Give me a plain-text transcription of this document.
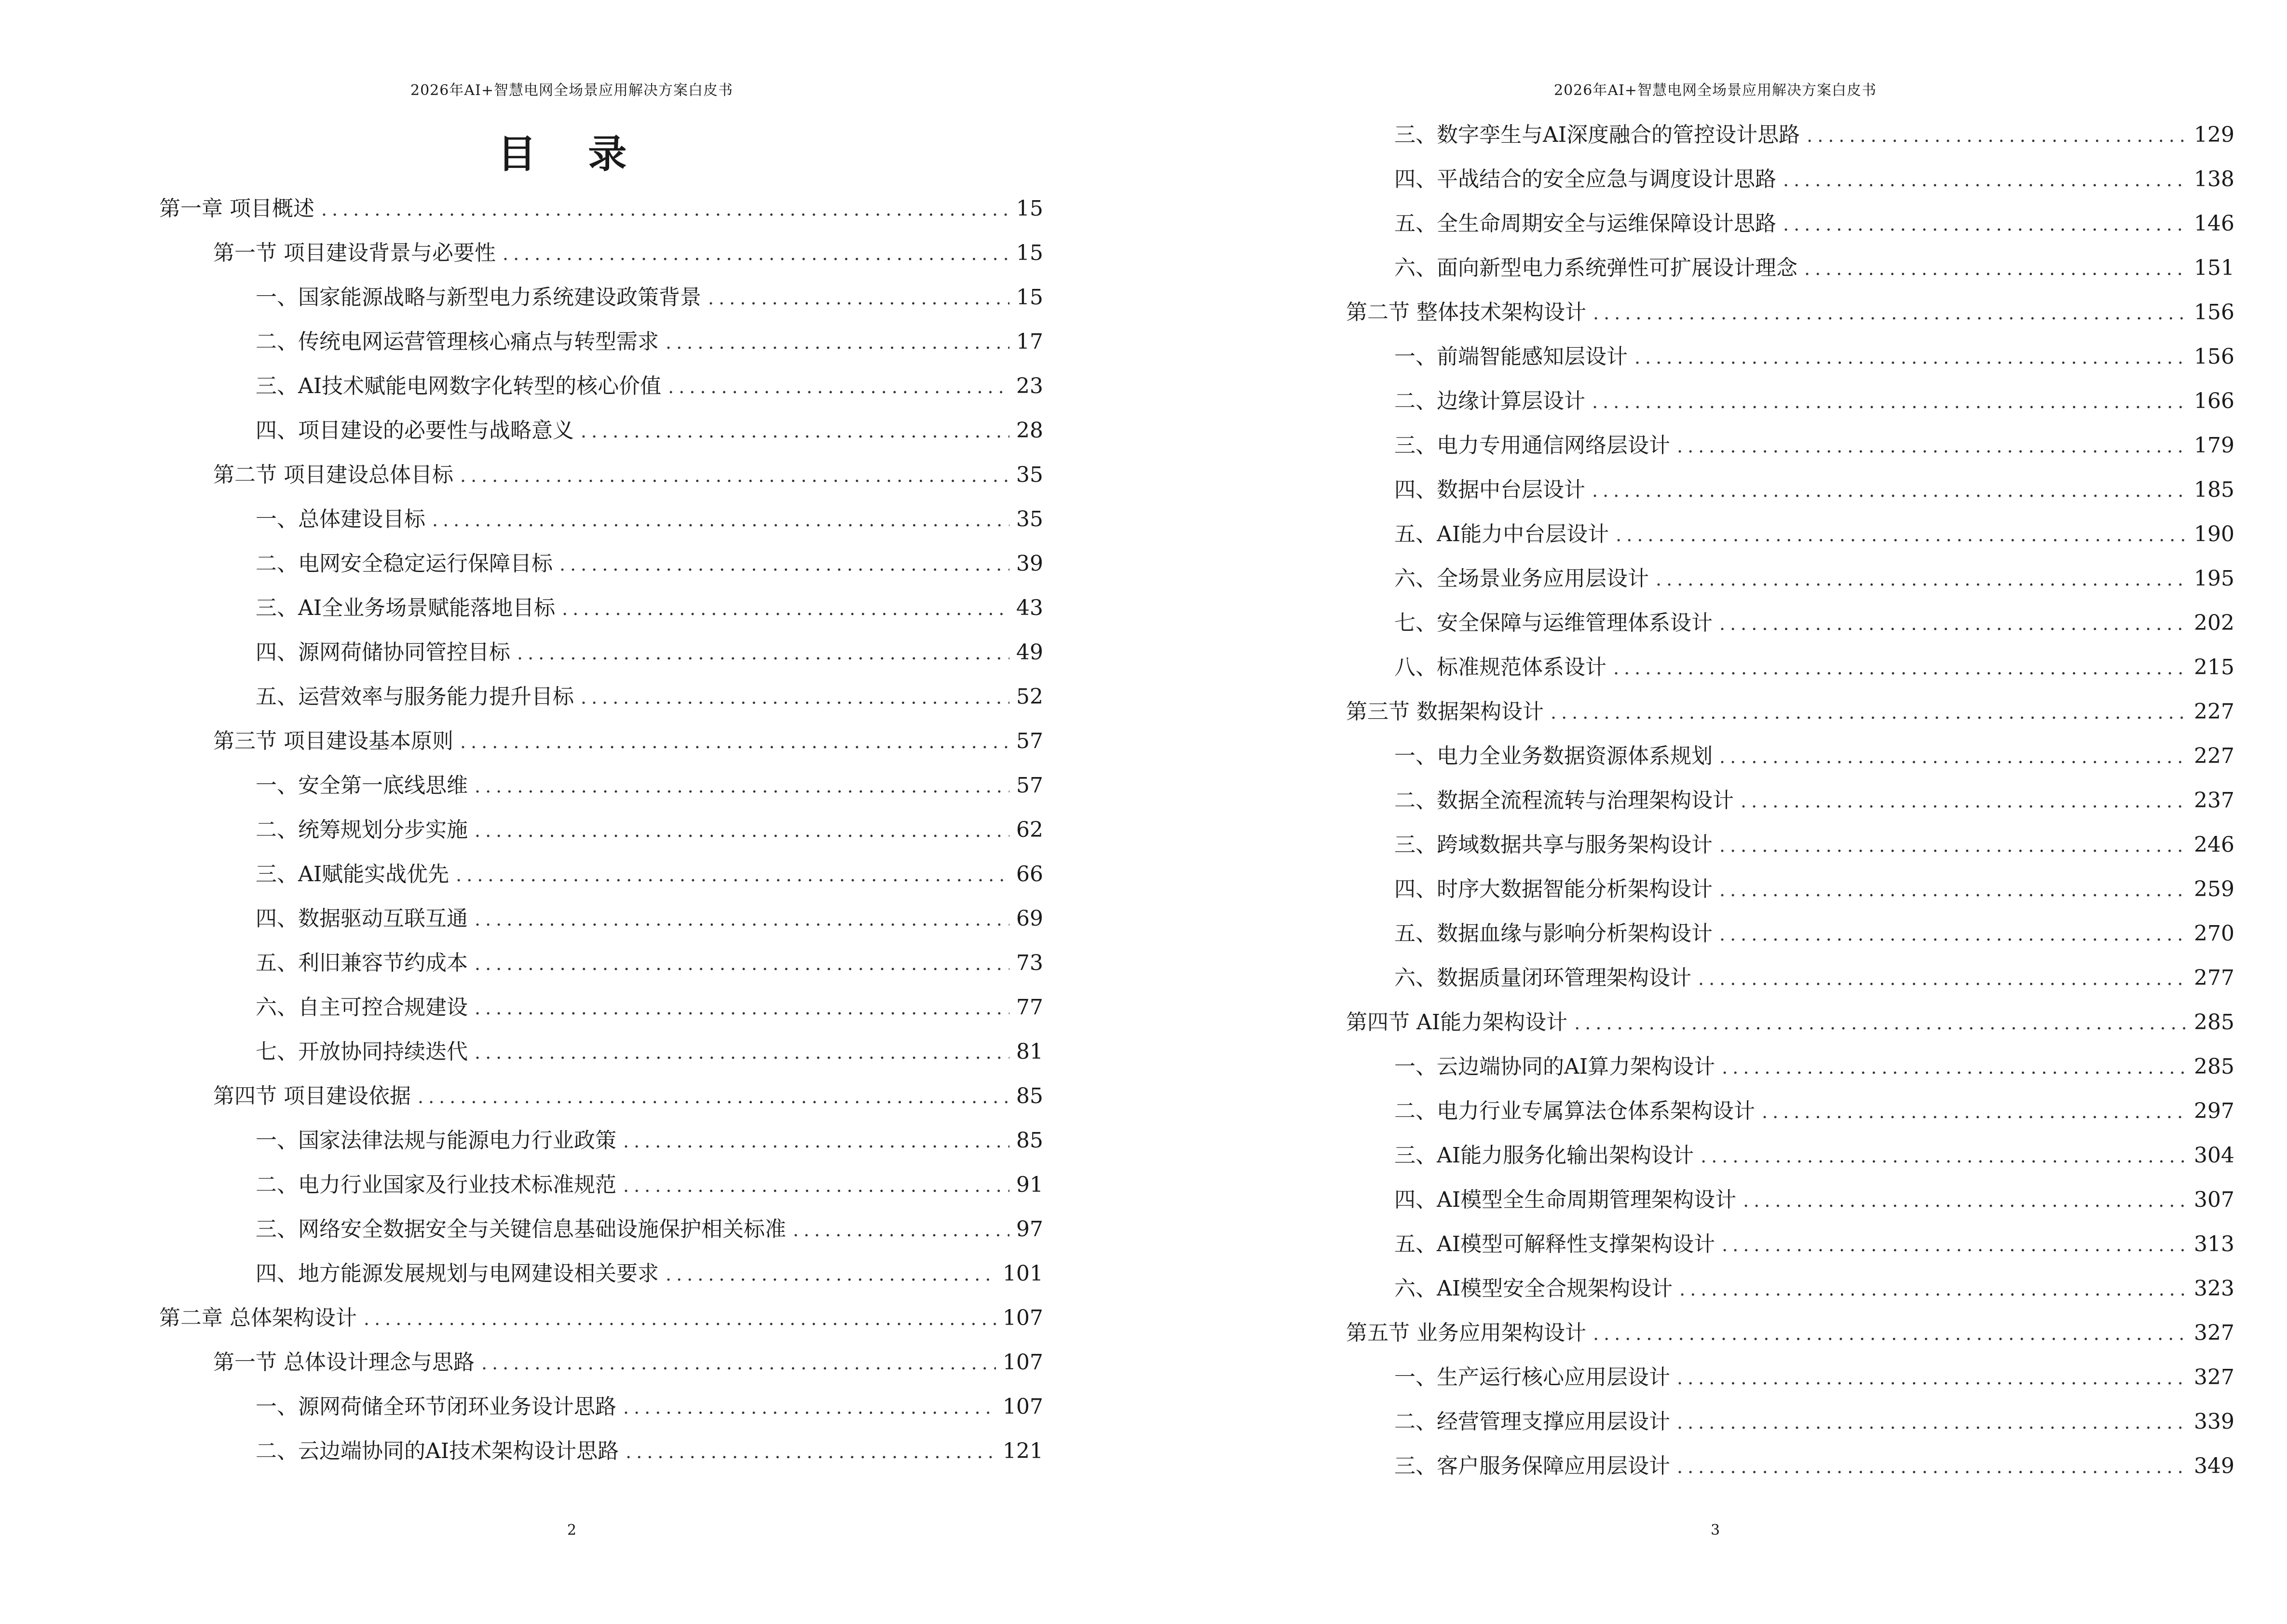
2026年AI+智慧电网全场景应用解决方案白皮书
目 录
第一章 项目概述 .....	15
第一节 项目建设背景与必要性 .....	15
一、国家能源战略与新型电力系统建设政策背景 .....	15
二、传统电网运营管理核心痛点与转型需求 .....	17
三、AI技术赋能电网数字化转型的核心价值 .....	23
四、项目建设的必要性与战略意义 .....	28
第二节 项目建设总体目标 .....	35
一、总体建设目标 .....	35
二、电网安全稳定运行保障目标 .....	39
三、AI全业务场景赋能落地目标 .....	43
四、源网荷储协同管控目标 .....	49
五、运营效率与服务能力提升目标 .....	52
第三节 项目建设基本原则 .....	57
一、安全第一底线思维 .....	57
二、统筹规划分步实施 .....	62
三、AI赋能实战优先 .....	66
四、数据驱动互联互通 .....	69
五、利旧兼容节约成本 .....	73
六、自主可控合规建设 .....	77
七、开放协同持续迭代 .....	81
第四节 项目建设依据 .....	85
一、国家法律法规与能源电力行业政策 .....	85
二、电力行业国家及行业技术标准规范 .....	91
三、网络安全数据安全与关键信息基础设施保护相关标准 .....	97
四、地方能源发展规划与电网建设相关要求 .....	101
第二章 总体架构设计 .....	107
第一节 总体设计理念与思路 .....	107
一、源网荷储全环节闭环业务设计思路 .....	107
二、云边端协同的AI技术架构设计思路 .....	121
2
2026年AI+智慧电网全场景应用解决方案白皮书
三、数字孪生与AI深度融合的管控设计思路 .....	129
四、平战结合的安全应急与调度设计思路 .....	138
五、全生命周期安全与运维保障设计思路 .....	146
六、面向新型电力系统弹性可扩展设计理念 .....	151
第二节 整体技术架构设计 .....	156
一、前端智能感知层设计 .....	156
二、边缘计算层设计 .....	166
三、电力专用通信网络层设计 .....	179
四、数据中台层设计 .....	185
五、AI能力中台层设计 .....	190
六、全场景业务应用层设计 .....	195
七、安全保障与运维管理体系设计 .....	202
八、标准规范体系设计 .....	215
第三节 数据架构设计 .....	227
一、电力全业务数据资源体系规划 .....	227
二、数据全流程流转与治理架构设计 .....	237
三、跨域数据共享与服务架构设计 .....	246
四、时序大数据智能分析架构设计 .....	259
五、数据血缘与影响分析架构设计 .....	270
六、数据质量闭环管理架构设计 .....	277
第四节 AI能力架构设计 .....	285
一、云边端协同的AI算力架构设计 .....	285
二、电力行业专属算法仓体系架构设计 .....	297
三、AI能力服务化输出架构设计 .....	304
四、AI模型全生命周期管理架构设计 .....	307
五、AI模型可解释性支撑架构设计 .....	313
六、AI模型安全合规架构设计 .....	323
第五节 业务应用架构设计 .....	327
一、生产运行核心应用层设计 .....	327
二、经营管理支撑应用层设计 .....	339
三、客户服务保障应用层设计 .....	349
3
